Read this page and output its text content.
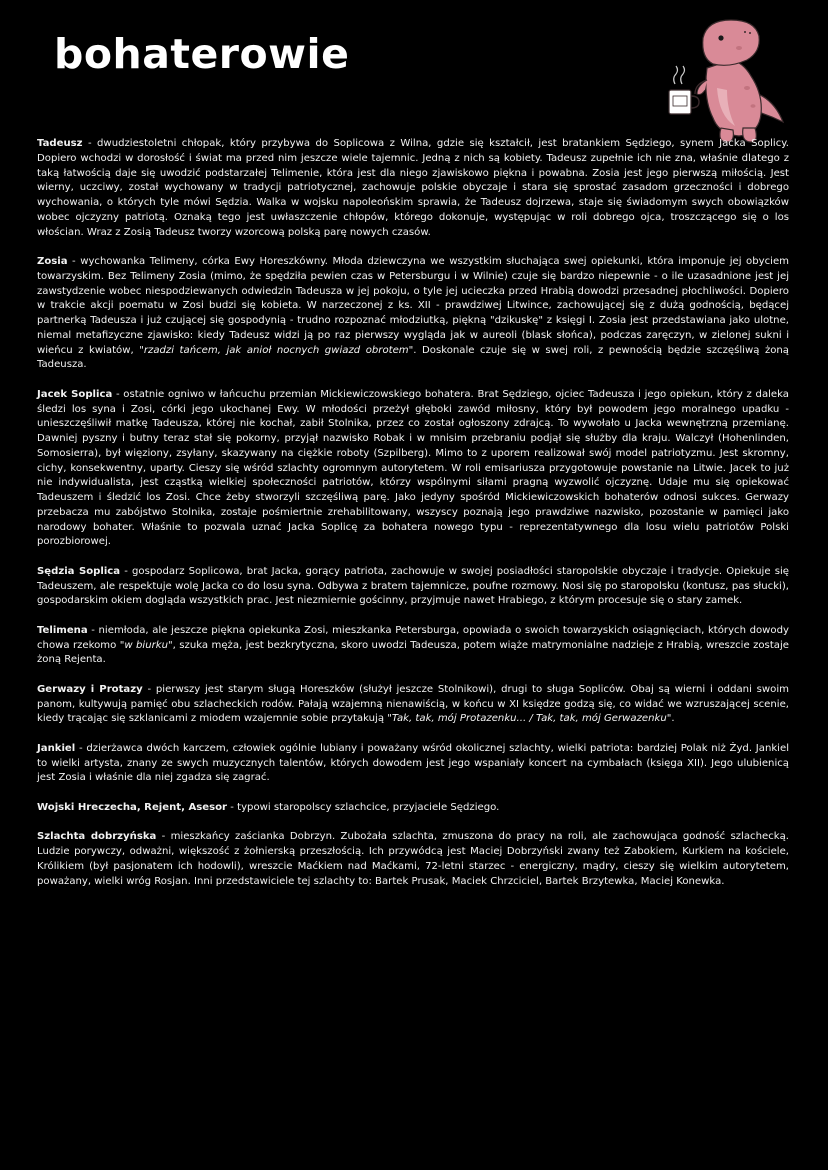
bohaterowie

Tadeusz - dwudziestoletni chłopak, który przybywa do Soplicowa z Wilna, gdzie się kształcił, jest bratankiem Sędziego, synem Jacka Soplicy. Dopiero wchodzi w dorosłość i świat ma przed nim jeszcze wiele tajemnic. Jedną z nich są kobiety. Tadeusz zupełnie ich nie zna, właśnie dlatego z taką łatwością daje się uwodzić podstarzałej Telimenie, która jest dla niego zjawiskowo piękna i powabna. Zosia jest jego pierwszą miłością. Jest wierny, uczciwy, został wychowany w tradycji patriotycznej, zachowuje polskie obyczaje i stara się sprostać zasadom grzeczności i dobrego wychowania, o których tyle mówi Sędzia. Walka w wojsku napoleońskim sprawia, że Tadeusz dojrzewa, staje się świadomym swych obowiązków wobec ojczyzny patriotą. Oznaką tego jest uwłaszczenie chłopów, którego dokonuje, występując w roli dobrego ojca, troszczącego się o los włościan. Wraz z Zosią Tadeusz tworzy wzorcową polską parę nowych czasów.

Zosia - wychowanka Telimeny, córka Ewy Horeszkówny. Młoda dziewczyna we wszystkim słuchająca swej opiekunki, która imponuje jej obyciem towarzyskim. Bez Telimeny Zosia (mimo, że spędziła pewien czas w Petersburgu i w Wilnie) czuje się bardzo niepewnie - o ile uzasadnione jest jej zawstydzenie wobec niespodziewanych odwiedzin Tadeusza w jej pokoju, o tyle jej ucieczka przed Hrabią dowodzi przesadnej płochliwości. Dopiero w trakcie akcji poematu w Zosi budzi się kobieta. W narzeczonej z ks. XII - prawdziwej Litwince, zachowującej się z dużą godnością, będącej partnerką Tadeusza i już czującej się gospodynią - trudno rozpoznać młodziutką, piękną "dzikuskę" z księgi I. Zosia jest przedstawiana jako ulotne, niemal metafizyczne zjawisko: kiedy Tadeusz widzi ją po raz pierwszy wygląda jak w aureoli (blask słońca), podczas zaręczyn, w zielonej sukni i wieńcu z kwiatów, "rzadzi tańcem, jak anioł nocnych gwiazd obrotem". Doskonale czuje się w swej roli, z pewnością będzie szczęśliwą żoną Tadeusza.

Jacek Soplica - ostatnie ogniwo w łańcuchu przemian Mickiewiczowskiego bohatera. Brat Sędziego, ojciec Tadeusza i jego opiekun, który z daleka śledzi los syna i Zosi, córki jego ukochanej Ewy. W młodości przeżył głęboki zawód miłosny, który był powodem jego moralnego upadku - unieszczęśliwił matkę Tadeusza, której nie kochał, zabił Stolnika, przez co został ogłoszony zdrajcą. To wywołało u Jacka wewnętrzną przemianę. Dawniej pyszny i butny teraz stał się pokorny, przyjął nazwisko Robak i w mnisim przebraniu podjął się służby dla kraju. Walczył (Hohenlinden, Somosierra), był więziony, zsyłany, skazywany na ciężkie roboty (Szpilberg). Mimo to z uporem realizował swój model patriotyzmu. Jest skromny, cichy, konsekwentny, uparty. Cieszy się wśród szlachty ogromnym autorytetem. W roli emisariusza przygotowuje powstanie na Litwie. Jacek to już nie indywidualista, jest cząstką wielkiej społeczności patriotów, którzy wspólnymi siłami pragną wyzwolić ojczyznę. Udaje mu się opiekować Tadeuszem i śledzić los Zosi. Chce żeby stworzyli szczęśliwą parę. Jako jedyny spośród Mickiewiczowskich bohaterów odnosi sukces. Gerwazy przebacza mu zabójstwo Stolnika, zostaje pośmiertnie zrehabilitowany, wszyscy poznają jego prawdziwe nazwisko, pozostanie w pamięci jako narodowy bohater. Właśnie to pozwala uznać Jacka Soplicę za bohatera nowego typu - reprezentatywnego dla losu wielu patriotów Polski porozbiorowej.

Sędzia Soplica - gospodarz Soplicowa, brat Jacka, gorący patriota, zachowuje w swojej posiadłości staropolskie obyczaje i tradycje. Opiekuje się Tadeuszem, ale respektuje wolę Jacka co do losu syna. Odbywa z bratem tajemnicze, poufne rozmowy. Nosi się po staropolsku (kontusz, pas słucki), gospodarskim okiem dogląda wszystkich prac. Jest niezmiernie gościnny, przyjmuje nawet Hrabiego, z którym procesuje się o stary zamek.

Telimena - niemłoda, ale jeszcze piękna opiekunka Zosi, mieszkanka Petersburga, opowiada o swoich towarzyskich osiągnięciach, których dowody chowa rzekomo "w biurku", szuka męża, jest bezkrytyczna, skoro uwodzi Tadeusza, potem wiąże matrymonialne nadzieje z Hrabią, wreszcie zostaje żoną Rejenta.

Gerwazy i Protazy - pierwszy jest starym sługą Horeszków (służył jeszcze Stolnikowi), drugi to sługa Sopliców. Obaj są wierni i oddani swoim panom, kultywują pamięć obu szlacheckich rodów. Pałają wzajemną nienawiścią, w końcu w XI księdze godzą się, co widać we wzruszającej scenie, kiedy trącając się szklanicami z miodem wzajemnie sobie przytakują "Tak, tak, mój Protazenku... / Tak, tak, mój Gerwazenku".

Jankiel - dzierżawca dwóch karczem, człowiek ogólnie lubiany i poważany wśród okolicznej szlachty, wielki patriota: bardziej Polak niż Żyd. Jankiel to wielki artysta, znany ze swych muzycznych talentów, których dowodem jest jego wspaniały koncert na cymbałach (księga XII). Jego ulubienicą jest Zosia i właśnie dla niej zgadza się zagrać.

Wojski Hreczecha, Rejent, Asesor - typowi staropolscy szlachcice, przyjaciele Sędziego.

Szlachta dobrzyńska - mieszkańcy zaścianka Dobrzyn. Zubożała szlachta, zmuszona do pracy na roli, ale zachowująca godność szlachecką. Ludzie porywczy, odważni, większość z żołnierską przeszłością. Ich przywódcą jest Maciej Dobrzyński zwany też Zabokiem, Kurkiem na kościele, Królikiem (był pasjonatem ich hodowli), wreszcie Maćkiem nad Maćkami, 72-letni starzec - energiczny, mądry, cieszy się wielkim autorytetem, poważany, wielki wróg Rosjan. Inni przedstawiciele tej szlachty to: Bartek Prusak, Maciek Chrzciciel, Bartek Brzytewka, Maciej Konewka.
